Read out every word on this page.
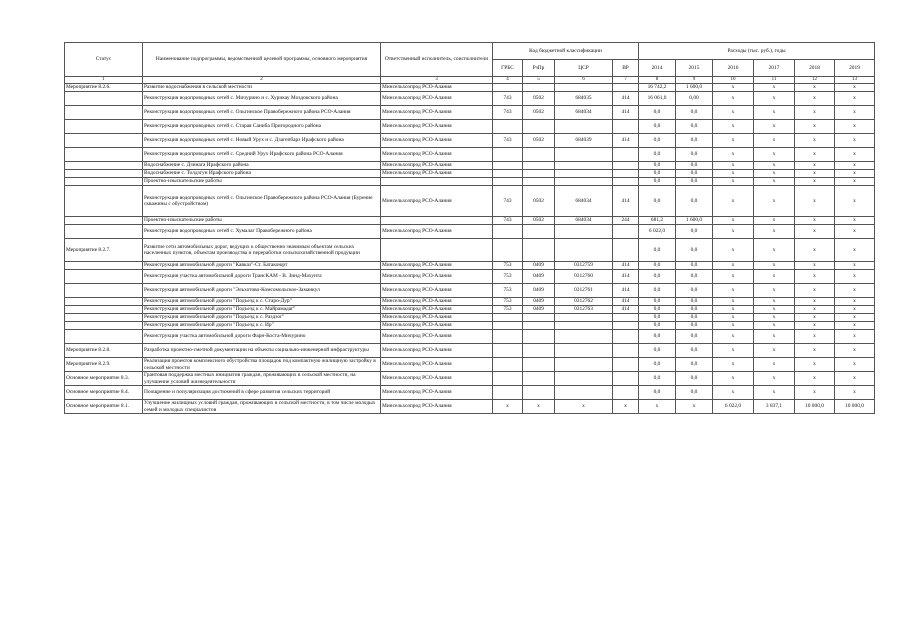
Статус	Наименование подпрограммы, ведомственной целевой программы, основного мероприятия	Ответственный исполнитель, соисполнители	Код бюджетной классификации				Расходы (тыс. руб.), годы					
			ГРБС	РзПр	ЦСР	ВР	2014	2015	2016	2017	2018	2019
1	2	3	4	5	6	7	8	9	10	11	12	13
Мероприятие 8.2.6.	Развитие водоснабжения в сельской местности	Минсельхозпрод РСО-Алания					16 742,2	1 600,0	x	x	x	x
	Реконструкция водопроводных сетей с. Мичурино и с. Хурикау Моздокского района	Минсельхозпрод РСО-Алания	743	0502	684035	414	16 061,0	0,00	x	x	x	x
	Реконструкция водопроводных сетей с. Ольгинское Правобережного района РСО-Алания	Минсельхозпрод РСО-Алания	743	0502	684034	414	0,0	0,0	x	x	x	x
	Реконструкция водопроводных сетей с. Старая Саниба Пригородного района	Минсельхозпрод РСО-Алания					0,0	0,0	x	x	x	x
	Реконструкция водопроводных сетей с. Новый Урух и с. Дзагепбарз Ирафского района	Минсельхозпрод РСО-Алания	743	0502	684039	414	0,0	0,0	x	x	x	x
	Реконструкция водопроводных сетей с. Средний Урух Ирафского района РСО-Алания	Минсельхозпрод РСО-Алания					0,0	0,0	x	x	x	x
	Водоснабжение с. Дзинага Ирафского района	Минсельхозпрод РСО-Алания					0,0	0,0	x	x	x	x
	Водоснабжение с. Толдзгун Ирафского района	Минсельхозпрод РСО-Алания					0,0	0,0	x	x	x	x
	Проектно-изыскательские работы						0,0	0,0	x	x	x	x
	Реконструкция водопроводных сетей с. Ольгинское Правобережного района РСО-Алания (Бурение скважины с обустройством)	Минсельхозпрод РСО-Алания	743	0502	684034	414	0,0	0,0	x	x	x	x
	Проектно-изыскательские работы		743	0502	684034	244	681,2	1 600,0	x	x	x	x
	Реконструкция водопроводных сетей с. Хумалаг Правобережного района	Минсельхозпрод РСО-Алания					6 022,0	0,0	x	x	x	x
Мероприятие 8.2.7.	Развитие сети автомобильных дорог, ведущих к общественно значимым объектам сельских населенных пунктов, объектам производства и переработки сельскохозяйственной продукции						0,0	0,0	x	x	x	x
	Реконструкция автомобильной дороги "Кавказ"-Ст. Батакоюрт	Минсельхозпрод РСО-Алания	753	0409	0312759	414	0,0	0,0	x	x	x	x
	Реконструкция участка автомобильной дороги ТрансКАМ - В. Зинд-Махунта	Минсельхозпрод РСО-Алания	753	0409	0312760	414	0,0	0,0	x	x	x	x
	Реконструкция автомобильной дороги "Эльхотово-Комсомольское-Заманкул	Минсельхозпрод РСО-Алания	753	0409	0312761	414	0,0	0,0	x	x	x	x
	Реконструкция автомобильной дороги "Подъезд к с. Старо-Дур"	Минсельхозпрод РСО-Алания	753	0409	0312762	414	0,0	0,0	x	x	x	x
	Реконструкция автомобильной дороги "Подъезд к с. Майрамадаг"	Минсельхозпрод РСО-Алания	753	0409	0312763	414	0,0	0,0	x	x	x	x
	Реконструкция автомобильной дороги "Подъезд к с. Раздзог"	Минсельхозпрод РСО-Алания					0,0	0,0	x	x	x	x
	Реконструкция автомобильной дороги "Подъезд к с. Ир"	Минсельхозпрод РСО-Алания					0,0	0,0	x	x	x	x
	Реконструкция участка автомобильной дороги Фарн-Коста-Мичурино	Минсельхозпрод РСО-Алания					0,0	0,0	x	x	x	x
Мероприятие 8.2.8.	Разработка проектно-сметной документации на объекты социально-инженерной инфраструктуры	Минсельхозпрод РСО-Алания					0,0	0,0	x	x	x	x
Мероприятие 8.2.9.	Реализация проектов комплексного обустройства площадок под компактную жилищную застройку в сельской местности	Минсельхозпрод РСО-Алания					0,0	0,0	x	x	x	x
Основное мероприятие 8.3.	Грантовая поддержка местных инициатив граждан, проживающих в сельской местности, на улучшение условий жизнедеятельности	Минсельхозпрод РСО-Алания					0,0	0,0	x	x	x	x
Основное мероприятие 8.4.	Поощрение и популяризация достижений в сфере развития сельских территорий	Минсельхозпрод РСО-Алания					0,0	0,0	x	x	x	x
Основное мероприятие 8.1.	Улучшение жилищных условий граждан, проживающих в сельской местности, в том числе молодых семей и молодых специалистов	Минсельхозпрод РСО-Алания	x	x	x	x	x	x	6 022,0	3 837,1	10 000,0	10 000,0
